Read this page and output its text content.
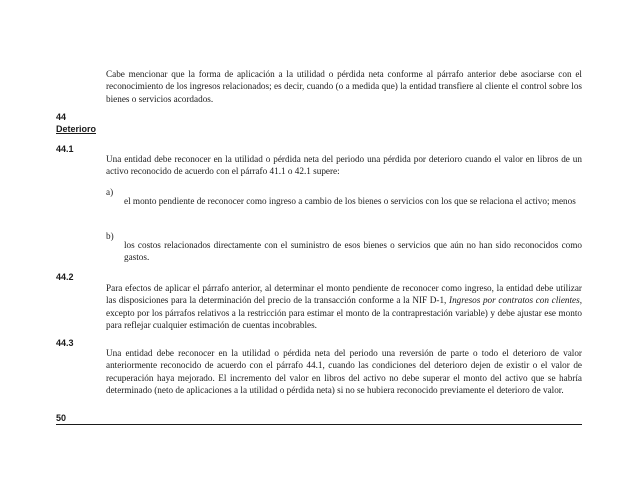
Cabe mencionar que la forma de aplicación a la utilidad o pérdida neta conforme al párrafo anterior debe asociarse con el reconocimiento de los ingresos relacionados; es decir, cuando (o a medida que) la entidad transfiere al cliente el control sobre los bienes o servicios acordados.

44
Deterioro
44.1

Una entidad debe reconocer en la utilidad o pérdida neta del periodo una pérdida por deterioro cuando el valor en libros de un activo reconocido de acuerdo con el párrafo 41.1 o 42.1 supere:

a)

el monto pendiente de reconocer como ingreso a cambio de los bienes o servicios con los que se relaciona el activo; menos

b)

los costos relacionados directamente con el suministro de esos bienes o servicios que aún no han sido reconocidos como gastos.

44.2

Para efectos de aplicar el párrafo anterior, al determinar el monto pendiente de reconocer como ingreso, la entidad debe utilizar las disposiciones para la determinación del precio de la transacción conforme a la NIF D-1, Ingresos por contratos con clientes, excepto por los párrafos relativos a la restricción para estimar el monto de la contraprestación variable) y debe ajustar ese monto para reflejar cualquier estimación de cuentas incobrables.

44.3

Una entidad debe reconocer en la utilidad o pérdida neta del periodo una reversión de parte o todo el deterioro de valor anteriormente reconocido de acuerdo con el párrafo 44.1, cuando las condiciones del deterioro dejen de existir o el valor de recuperación haya mejorado. El incremento del valor en libros del activo no debe superar el monto del activo que se habría determinado (neto de aplicaciones a la utilidad o pérdida neta) si no se hubiera reconocido previamente el deterioro de valor.

50
